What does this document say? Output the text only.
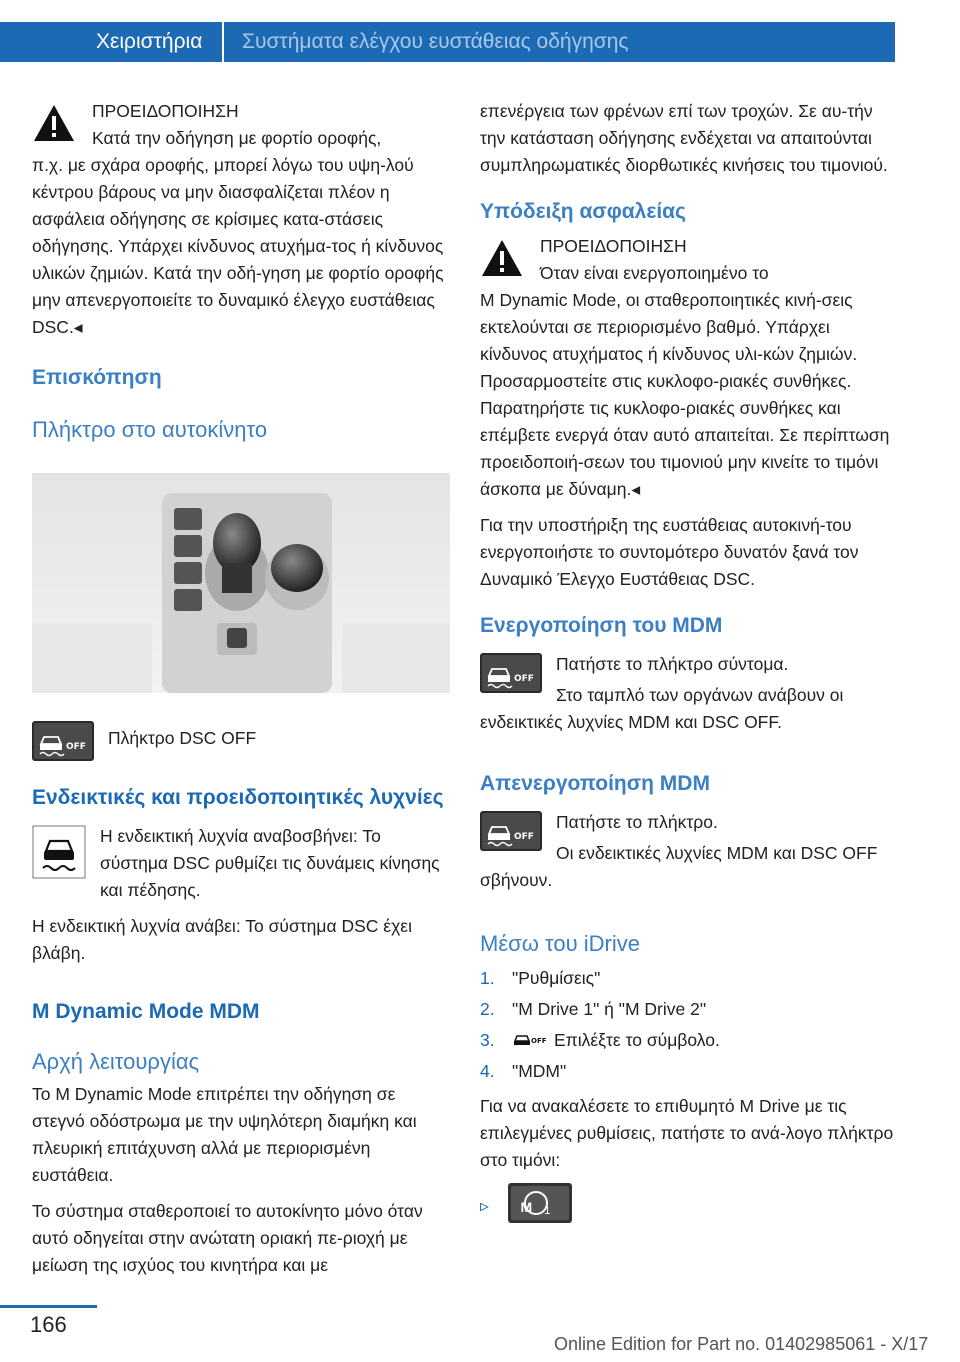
Χειριστήρια	Συστήματα ελέγχου ευστάθειας οδήγησης

ΠΡΟΕΙΔΟΠΟΙΗΣΗ

Κατά την οδήγηση με φορτίο οροφής,

π.χ. με σχάρα οροφής, μπορεί λόγω του υψη-λού κέντρου βάρους να μην διασφαλίζεται πλέον η ασφάλεια οδήγησης σε κρίσιμες κατα-στάσεις οδήγησης. Υπάρχει κίνδυνος ατυχήμα-τος ή κίνδυνος υλικών ζημιών. Κατά την οδή-γηση με φορτίο οροφής μην απενεργοποιείτε το δυναμικό έλεγχο ευστάθειας DSC.◂

Επισκόπηση
Πλήκτρο στο αυτοκίνητο
OFF	Πλήκτρο DSC OFF

Ενδεικτικές και προειδοποιητικές λυχνίες

Η ενδεικτική λυχνία αναβοσβήνει: Το σύστημα DSC ρυθμίζει τις δυνάμεις κίνησης και πέδησης.

Η ενδεικτική λυχνία ανάβει: Το σύστημα DSC έχει βλάβη.

M Dynamic Mode MDM
Αρχή λειτουργίας

Το M Dynamic Mode επιτρέπει την οδήγηση σε στεγνό οδόστρωμα με την υψηλότερη διαμήκη και πλευρική επιτάχυνση αλλά με περιορισμένη ευστάθεια.

Το σύστημα σταθεροποιεί το αυτοκίνητο μόνο όταν αυτό οδηγείται στην ανώτατη οριακή πε-ριοχή με μείωση της ισχύος του κινητήρα και με

επενέργεια των φρένων επί των τροχών. Σε αυ-τήν την κατάσταση οδήγησης ενδέχεται να απαιτούνται συμπληρωματικές διορθωτικές κινήσεις του τιμονιού.

Υπόδειξη ασφαλείας

ΠΡΟΕΙΔΟΠΟΙΗΣΗ

Όταν είναι ενεργοποιημένο το

M Dynamic Mode, οι σταθεροποιητικές κινή-σεις εκτελούνται σε περιορισμένο βαθμό. Υπάρχει κίνδυνος ατυχήματος ή κίνδυνος υλι-κών ζημιών. Προσαρμοστείτε στις κυκλοφο-ριακές συνθήκες. Παρατηρήστε τις κυκλοφο-ριακές συνθήκες και επέμβετε ενεργά όταν αυτό απαιτείται. Σε περίπτωση προειδοποιή-σεων του τιμονιού μην κινείτε το τιμόνι άσκοπα με δύναμη.◂

Για την υποστήριξη της ευστάθειας αυτοκινή-του ενεργοποιήστε το συντομότερο δυνατόν ξανά τον Δυναμικό Έλεγχο Ευστάθειας DSC.

Ενεργοποίηση του MDM
OFF

Πατήστε το πλήκτρο σύντομα.

Στο ταμπλό των οργάνων ανάβουν οι ενδεικτικές λυχνίες MDM και DSC OFF.

Απενεργοποίηση MDM
OFF

Πατήστε το πλήκτρο.

Οι ενδεικτικές λυχνίες MDM και DSC OFF σβήνουν.

Μέσω του iDrive
1. "Ρυθμίσεις"
2. "M Drive 1" ή "M Drive 2"
3.	OFF Επιλέξτε το σύμβολο.
4. "MDM"

Για να ανακαλέσετε το επιθυμητό M Drive με τις επιλεγμένες ρυθμίσεις, πατήστε το ανά-λογο πλήκτρο στο τιμόνι:

▹ M $_1$
166
Online Edition for Part no. 01402985061 - X/17
